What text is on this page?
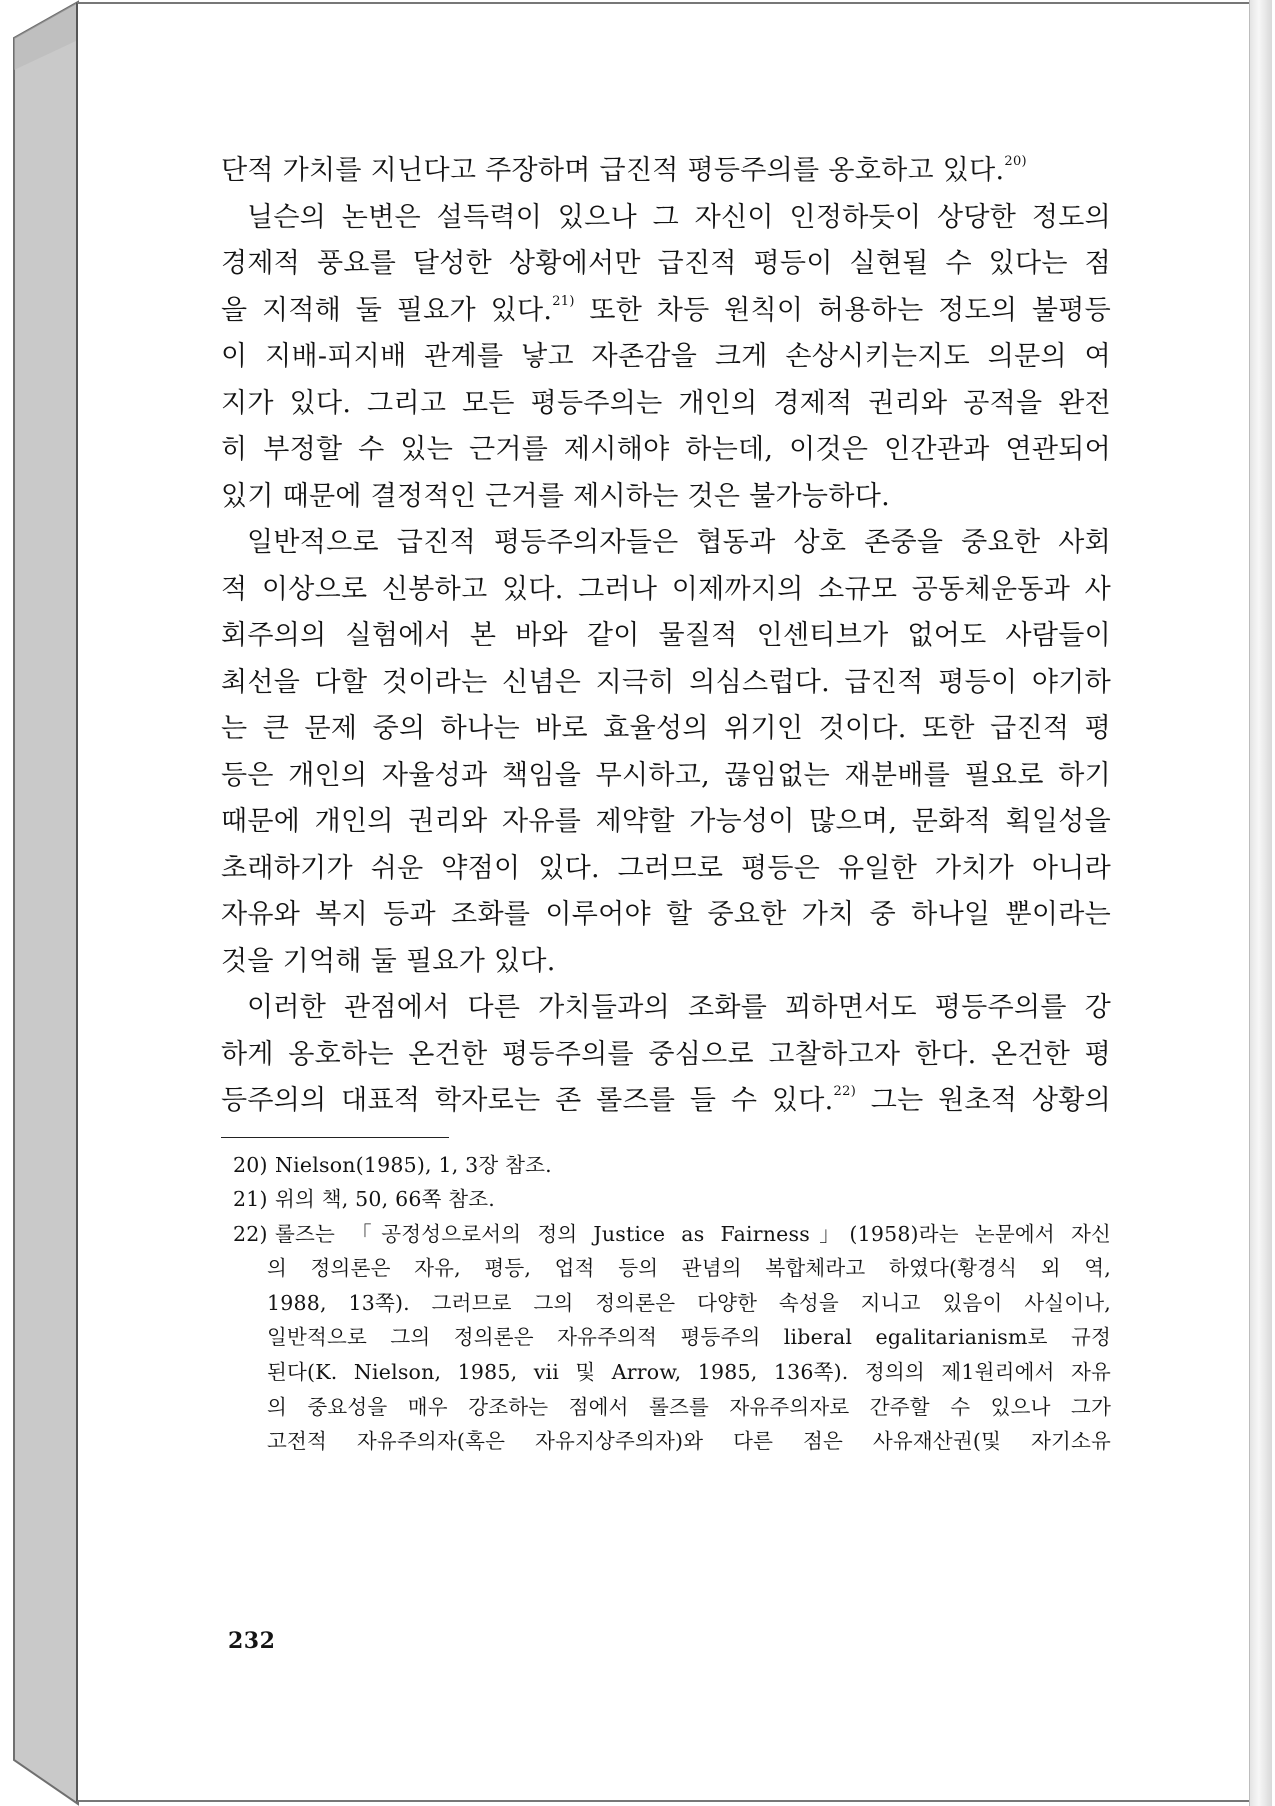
단적 가치를 지닌다고 주장하며 급진적 평등주의를 옹호하고 있다.$^{20)}$
닐슨의 논변은 설득력이 있으나 그 자신이 인정하듯이 상당한 정도의
경제적 풍요를 달성한 상황에서만 급진적 평등이 실현될 수 있다는 점
을 지적해 둘 필요가 있다.$^{21)}$ 또한 차등 원칙이 허용하는 정도의 불평등
이 지배-피지배 관계를 낳고 자존감을 크게 손상시키는지도 의문의 여
지가 있다. 그리고 모든 평등주의는 개인의 경제적 권리와 공적을 완전
히 부정할 수 있는 근거를 제시해야 하는데, 이것은 인간관과 연관되어
있기 때문에 결정적인 근거를 제시하는 것은 불가능하다.
일반적으로 급진적 평등주의자들은 협동과 상호 존중을 중요한 사회
적 이상으로 신봉하고 있다. 그러나 이제까지의 소규모 공동체운동과 사
회주의의 실험에서 본 바와 같이 물질적 인센티브가 없어도 사람들이
최선을 다할 것이라는 신념은 지극히 의심스럽다. 급진적 평등이 야기하
는 큰 문제 중의 하나는 바로 효율성의 위기인 것이다. 또한 급진적 평
등은 개인의 자율성과 책임을 무시하고, 끊임없는 재분배를 필요로 하기
때문에 개인의 권리와 자유를 제약할 가능성이 많으며, 문화적 획일성을
초래하기가 쉬운 약점이 있다. 그러므로 평등은 유일한 가치가 아니라
자유와 복지 등과 조화를 이루어야 할 중요한 가치 중 하나일 뿐이라는
것을 기억해 둘 필요가 있다.
이러한 관점에서 다른 가치들과의 조화를 꾀하면서도 평등주의를 강
하게 옹호하는 온건한 평등주의를 중심으로 고찰하고자 한다. 온건한 평
등주의의 대표적 학자로는 존 롤즈를 들 수 있다.$^{22)}$ 그는 원초적 상황의
20) Nielson(1985), 1, 3장 참조.
21) 위의 책, 50, 66쪽 참조.
22) 롤즈는 「공정성으로서의 정의 Justice as Fairness」(1958)라는 논문에서 자신
의 정의론은 자유, 평등, 업적 등의 관념의 복합체라고 하였다(황경식 외 역,
1988, 13쪽). 그러므로 그의 정의론은 다양한 속성을 지니고 있음이 사실이나,
일반적으로 그의 정의론은 자유주의적 평등주의 liberal egalitarianism로 규정
된다(K. Nielson, 1985, vii 및 Arrow, 1985, 136쪽). 정의의 제1원리에서 자유
의 중요성을 매우 강조하는 점에서 롤즈를 자유주의자로 간주할 수 있으나 그가
고전적 자유주의자(혹은 자유지상주의자)와 다른 점은 사유재산권(및 자기소유
232
